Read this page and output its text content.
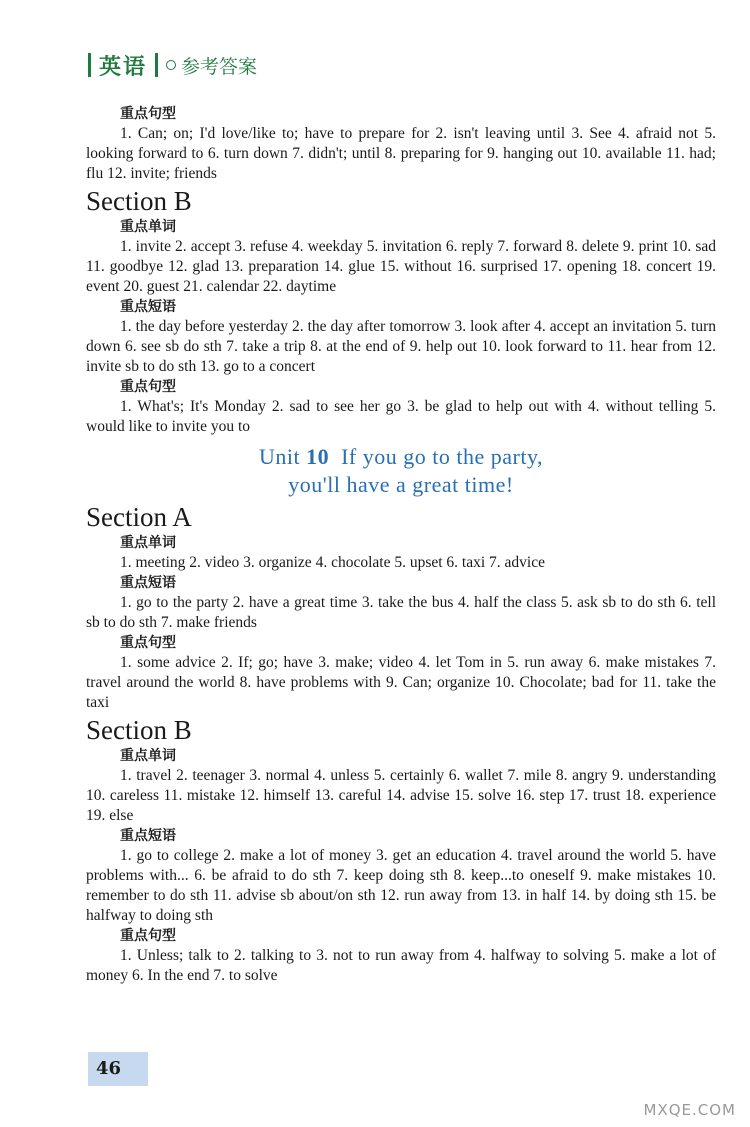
英语 参考答案
重点句型

1. Can; on; I'd love/like to; have to prepare for 2. isn't leaving until 3. See 4. afraid not 5. looking forward to 6. turn down 7. didn't; until 8. preparing for 9. hanging out 10. available 11. had; flu 12. invite; friends

Section B
重点单词

1. invite 2. accept 3. refuse 4. weekday 5. invitation 6. reply 7. forward 8. delete 9. print 10. sad 11. goodbye 12. glad 13. preparation 14. glue 15. without 16. surprised 17. opening 18. concert 19. event 20. guest 21. calendar 22. daytime

重点短语

1. the day before yesterday 2. the day after tomorrow 3. look after 4. accept an invitation 5. turn down 6. see sb do sth 7. take a trip 8. at the end of 9. help out 10. look forward to 11. hear from 12. invite sb to do sth 13. go to a concert

重点句型

1. What's; It's Monday 2. sad to see her go 3. be glad to help out with 4. without telling 5. would like to invite you to

Unit 10  If you go to the party,
you'll have a great time!
Section A
重点单词

1. meeting 2. video 3. organize 4. chocolate 5. upset 6. taxi 7. advice

重点短语

1. go to the party 2. have a great time 3. take the bus 4. half the class 5. ask sb to do sth 6. tell sb to do sth 7. make friends

重点句型

1. some advice 2. If; go; have 3. make; video 4. let Tom in 5. run away 6. make mistakes 7. travel around the world 8. have problems with 9. Can; organize 10. Chocolate; bad for 11. take the taxi

Section B
重点单词

1. travel 2. teenager 3. normal 4. unless 5. certainly 6. wallet 7. mile 8. angry 9. understanding 10. careless 11. mistake 12. himself 13. careful 14. advise 15. solve 16. step 17. trust 18. experience 19. else

重点短语

1. go to college 2. make a lot of money 3. get an education 4. travel around the world 5. have problems with... 6. be afraid to do sth 7. keep doing sth 8. keep...to oneself 9. make mistakes 10. remember to do sth 11. advise sb about/on sth 12. run away from 13. in half 14. by doing sth 15. be halfway to doing sth

重点句型

1. Unless; talk to 2. talking to 3. not to run away from 4. halfway to solving 5. make a lot of money 6. In the end 7. to solve

46
MXQE.COM
